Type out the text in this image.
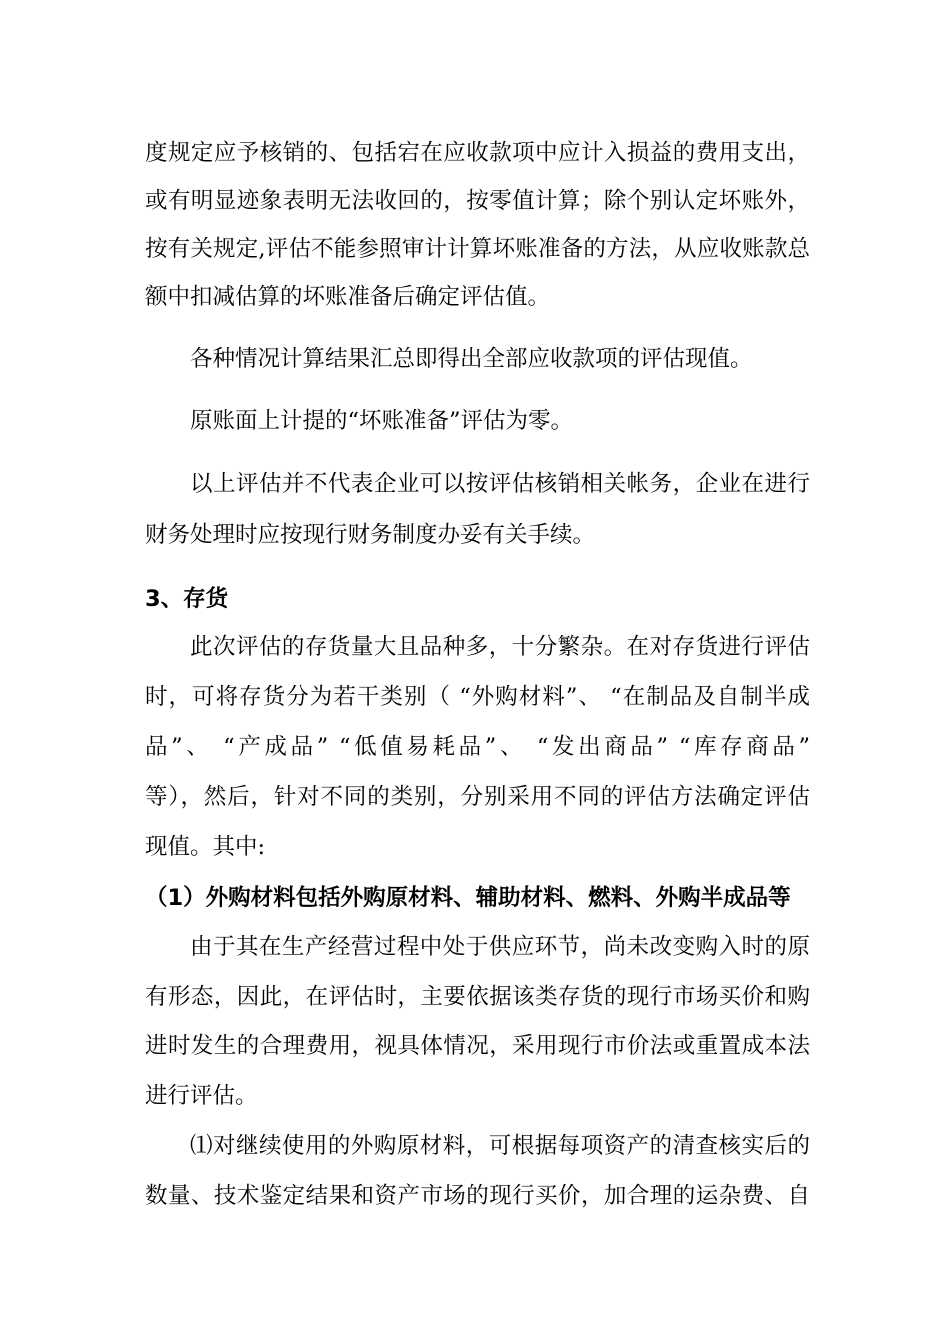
度规定应予核销的、包括宕在应收款项中应计入损益的费用支出，
或有明显迹象表明无法收回的，按零值计算；除个别认定坏账外，
按有关规定,评估不能参照审计计算坏账准备的方法，从应收账款总
额中扣减估算的坏账准备后确定评估值。
各种情况计算结果汇总即得出全部应收款项的评估现值。
原账面上计提的“坏账准备”评估为零。
以上评估并不代表企业可以按评估核销相关帐务，企业在进行
财务处理时应按现行财务制度办妥有关手续。
3、存货
此次评估的存货量大且品种多，十分繁杂。在对存货进行评估
时，可将存货分为若干类别（ “外购材料”、 “在制品及自制半成
品”、 “产成品” “低值易耗品”、 “发出商品” “库存商品”
等），然后，针对不同的类别，分别采用不同的评估方法确定评估
现值。其中:
（1）外购材料包括外购原材料、辅助材料、燃料、外购半成品等
由于其在生产经营过程中处于供应环节，尚未改变购入时的原
有形态，因此，在评估时，主要依据该类存货的现行市场买价和购
进时发生的合理费用，视具体情况，采用现行市价法或重置成本法
进行评估。
⑴对继续使用的外购原材料，可根据每项资产的清查核实后的
数量、技术鉴定结果和资产市场的现行买价，加合理的运杂费、自
